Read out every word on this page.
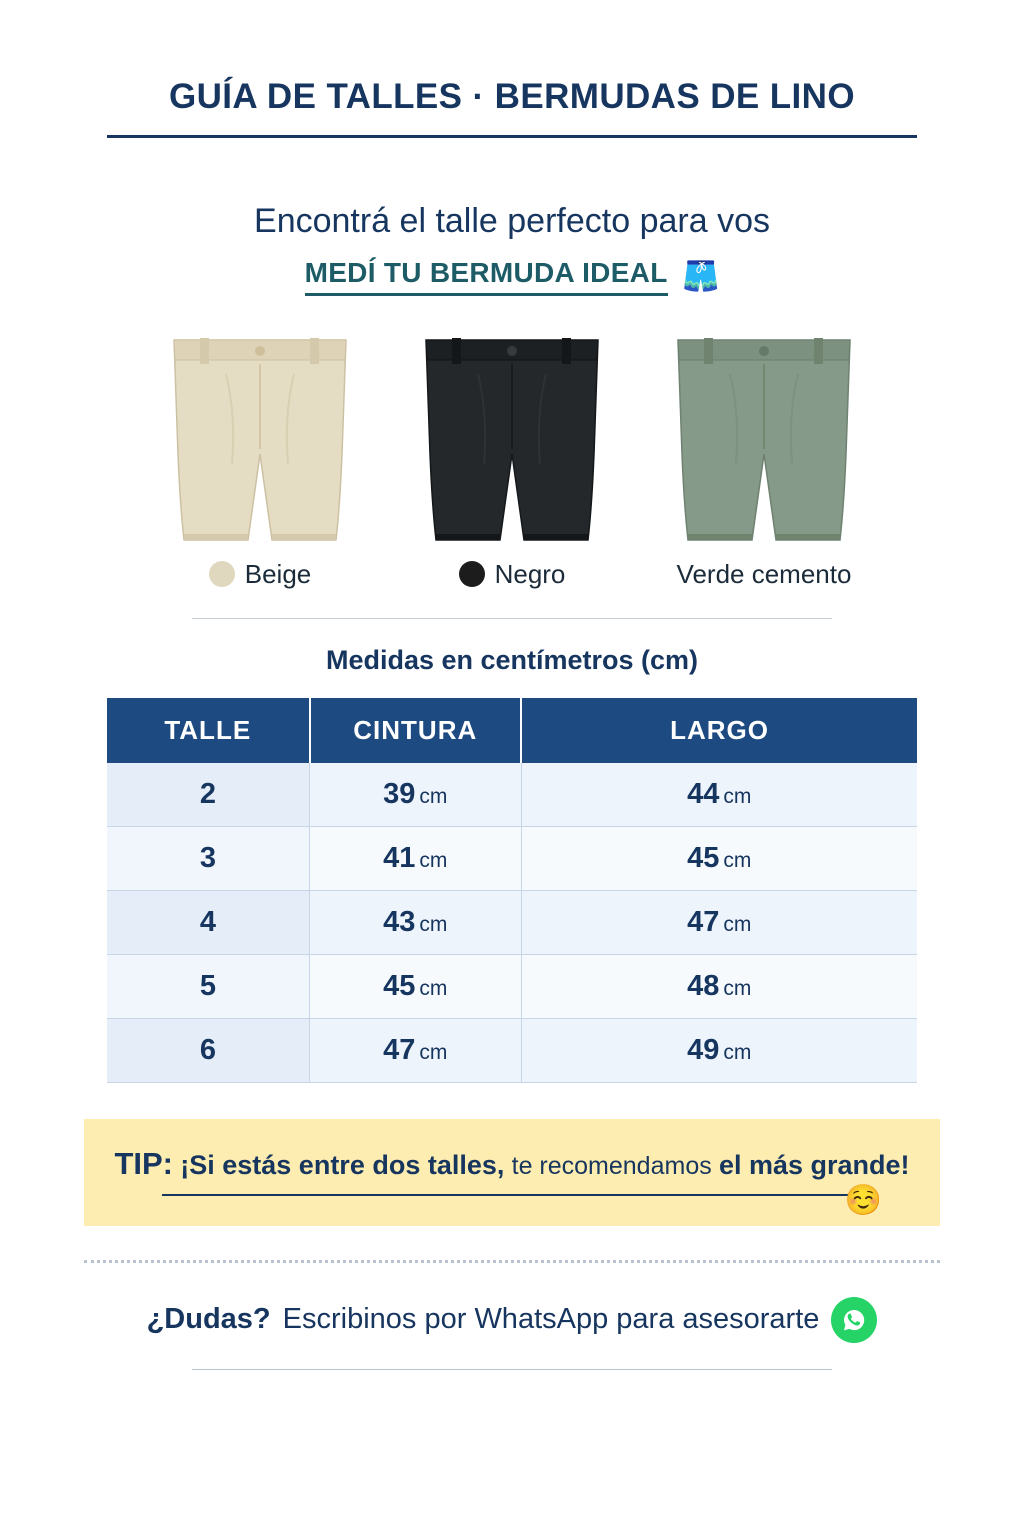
GUÍA DE TALLES · BERMUDAS DE LINO
Encontrá el talle perfecto para vos
MEDÍ TU BERMUDA IDEAL 🩳
Beige	Negro	Verde cemento
Medidas en centímetros (cm)
TALLE	CINTURA	LARGO
2	39 cm	44 cm
3	41 cm	45 cm
4	43 cm	47 cm
5	45 cm	48 cm
6	47 cm	49 cm
TIP: ¡Si estás entre dos talles, te recomendamos el más grande!
☺️
¿Dudas? Escribinos por WhatsApp para asesorarte
